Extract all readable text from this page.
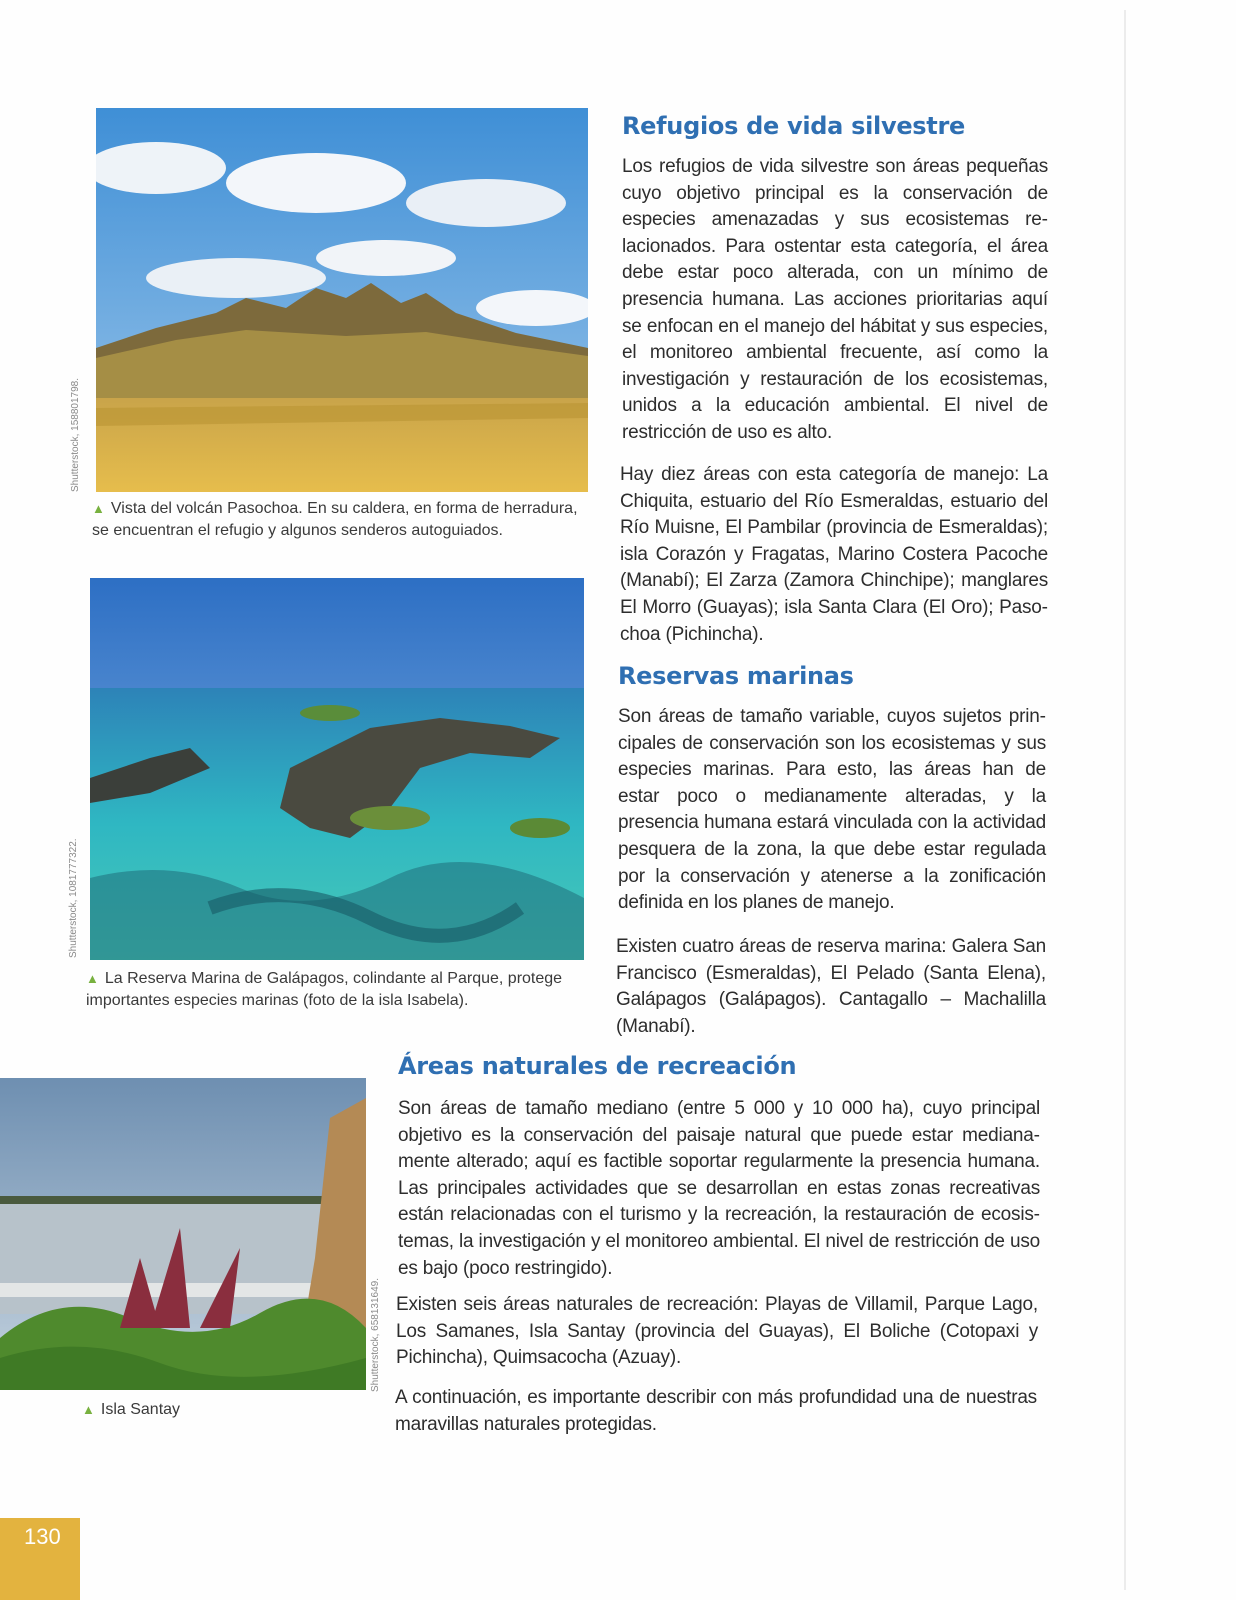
Shutterstock, 158801798.
▲ Vista del volcán Pasochoa. En su caldera, en forma de herradura, se encuentran el refugio y algunos senderos autoguiados.
Shutterstock, 1081777322.
▲ La Reserva Marina de Galápagos, colindante al Parque, protege importantes especies marinas (foto de la isla Isabela).
Shutterstock, 658131649.
▲ Isla Santay
Refugios de vida silvestre

Los refugios de vida silvestre son áreas pequeñas cuyo objetivo principal es la conservación de especies amenazadas y sus ecosistemas relacionados. Para ostentar esta categoría, el área debe estar poco alterada, con un mínimo de presencia humana. Las acciones prioritarias aquí se enfocan en el manejo del hábitat y sus especies, el monitoreo ambiental frecuente, así como la investigación y restauración de los ecosistemas, unidos a la educación ambiental. El nivel de restricción de uso es alto.

Hay diez áreas con esta categoría de manejo: La Chiquita, estuario del Río Esmeraldas, estuario del Río Muisne, El Pambilar (provincia de Esmeraldas); isla Corazón y Fragatas, Marino Costera Pacoche (Manabí); El Zarza (Zamora Chinchipe); manglares El Morro (Guayas); isla Santa Clara (El Oro); Pasochoa (Pichincha).

Reservas marinas

Son áreas de tamaño variable, cuyos sujetos principales de conservación son los ecosistemas y sus especies marinas. Para esto, las áreas han de estar poco o medianamente alteradas, y la presencia humana estará vinculada con la actividad pesquera de la zona, la que debe estar regulada por la conservación y atenerse a la zonificación definida en los planes de manejo.

Existen cuatro áreas de reserva marina: Galera San Francisco (Esmeraldas), El Pelado (Santa Elena), Galápagos (Galápagos). Cantagallo – Machalilla (Manabí).

Áreas naturales de recreación

Son áreas de tamaño mediano (entre 5 000 y 10 000 ha), cuyo principal objetivo es la conservación del paisaje natural que puede estar medianamente alterado; aquí es factible soportar regularmente la presencia humana. Las principales actividades que se desarrollan en estas zonas recreativas están relacionadas con el turismo y la recreación, la restauración de ecosistemas, la investigación y el monitoreo ambiental. El nivel de restricción de uso es bajo (poco restringido).

Existen seis áreas naturales de recreación: Playas de Villamil, Parque Lago, Los Samanes, Isla Santay (provincia del Guayas), El Boliche (Cotopaxi y Pichincha), Quimsacocha (Azuay).

A continuación, es importante describir con más profundidad una de nuestras maravillas naturales protegidas.

130
